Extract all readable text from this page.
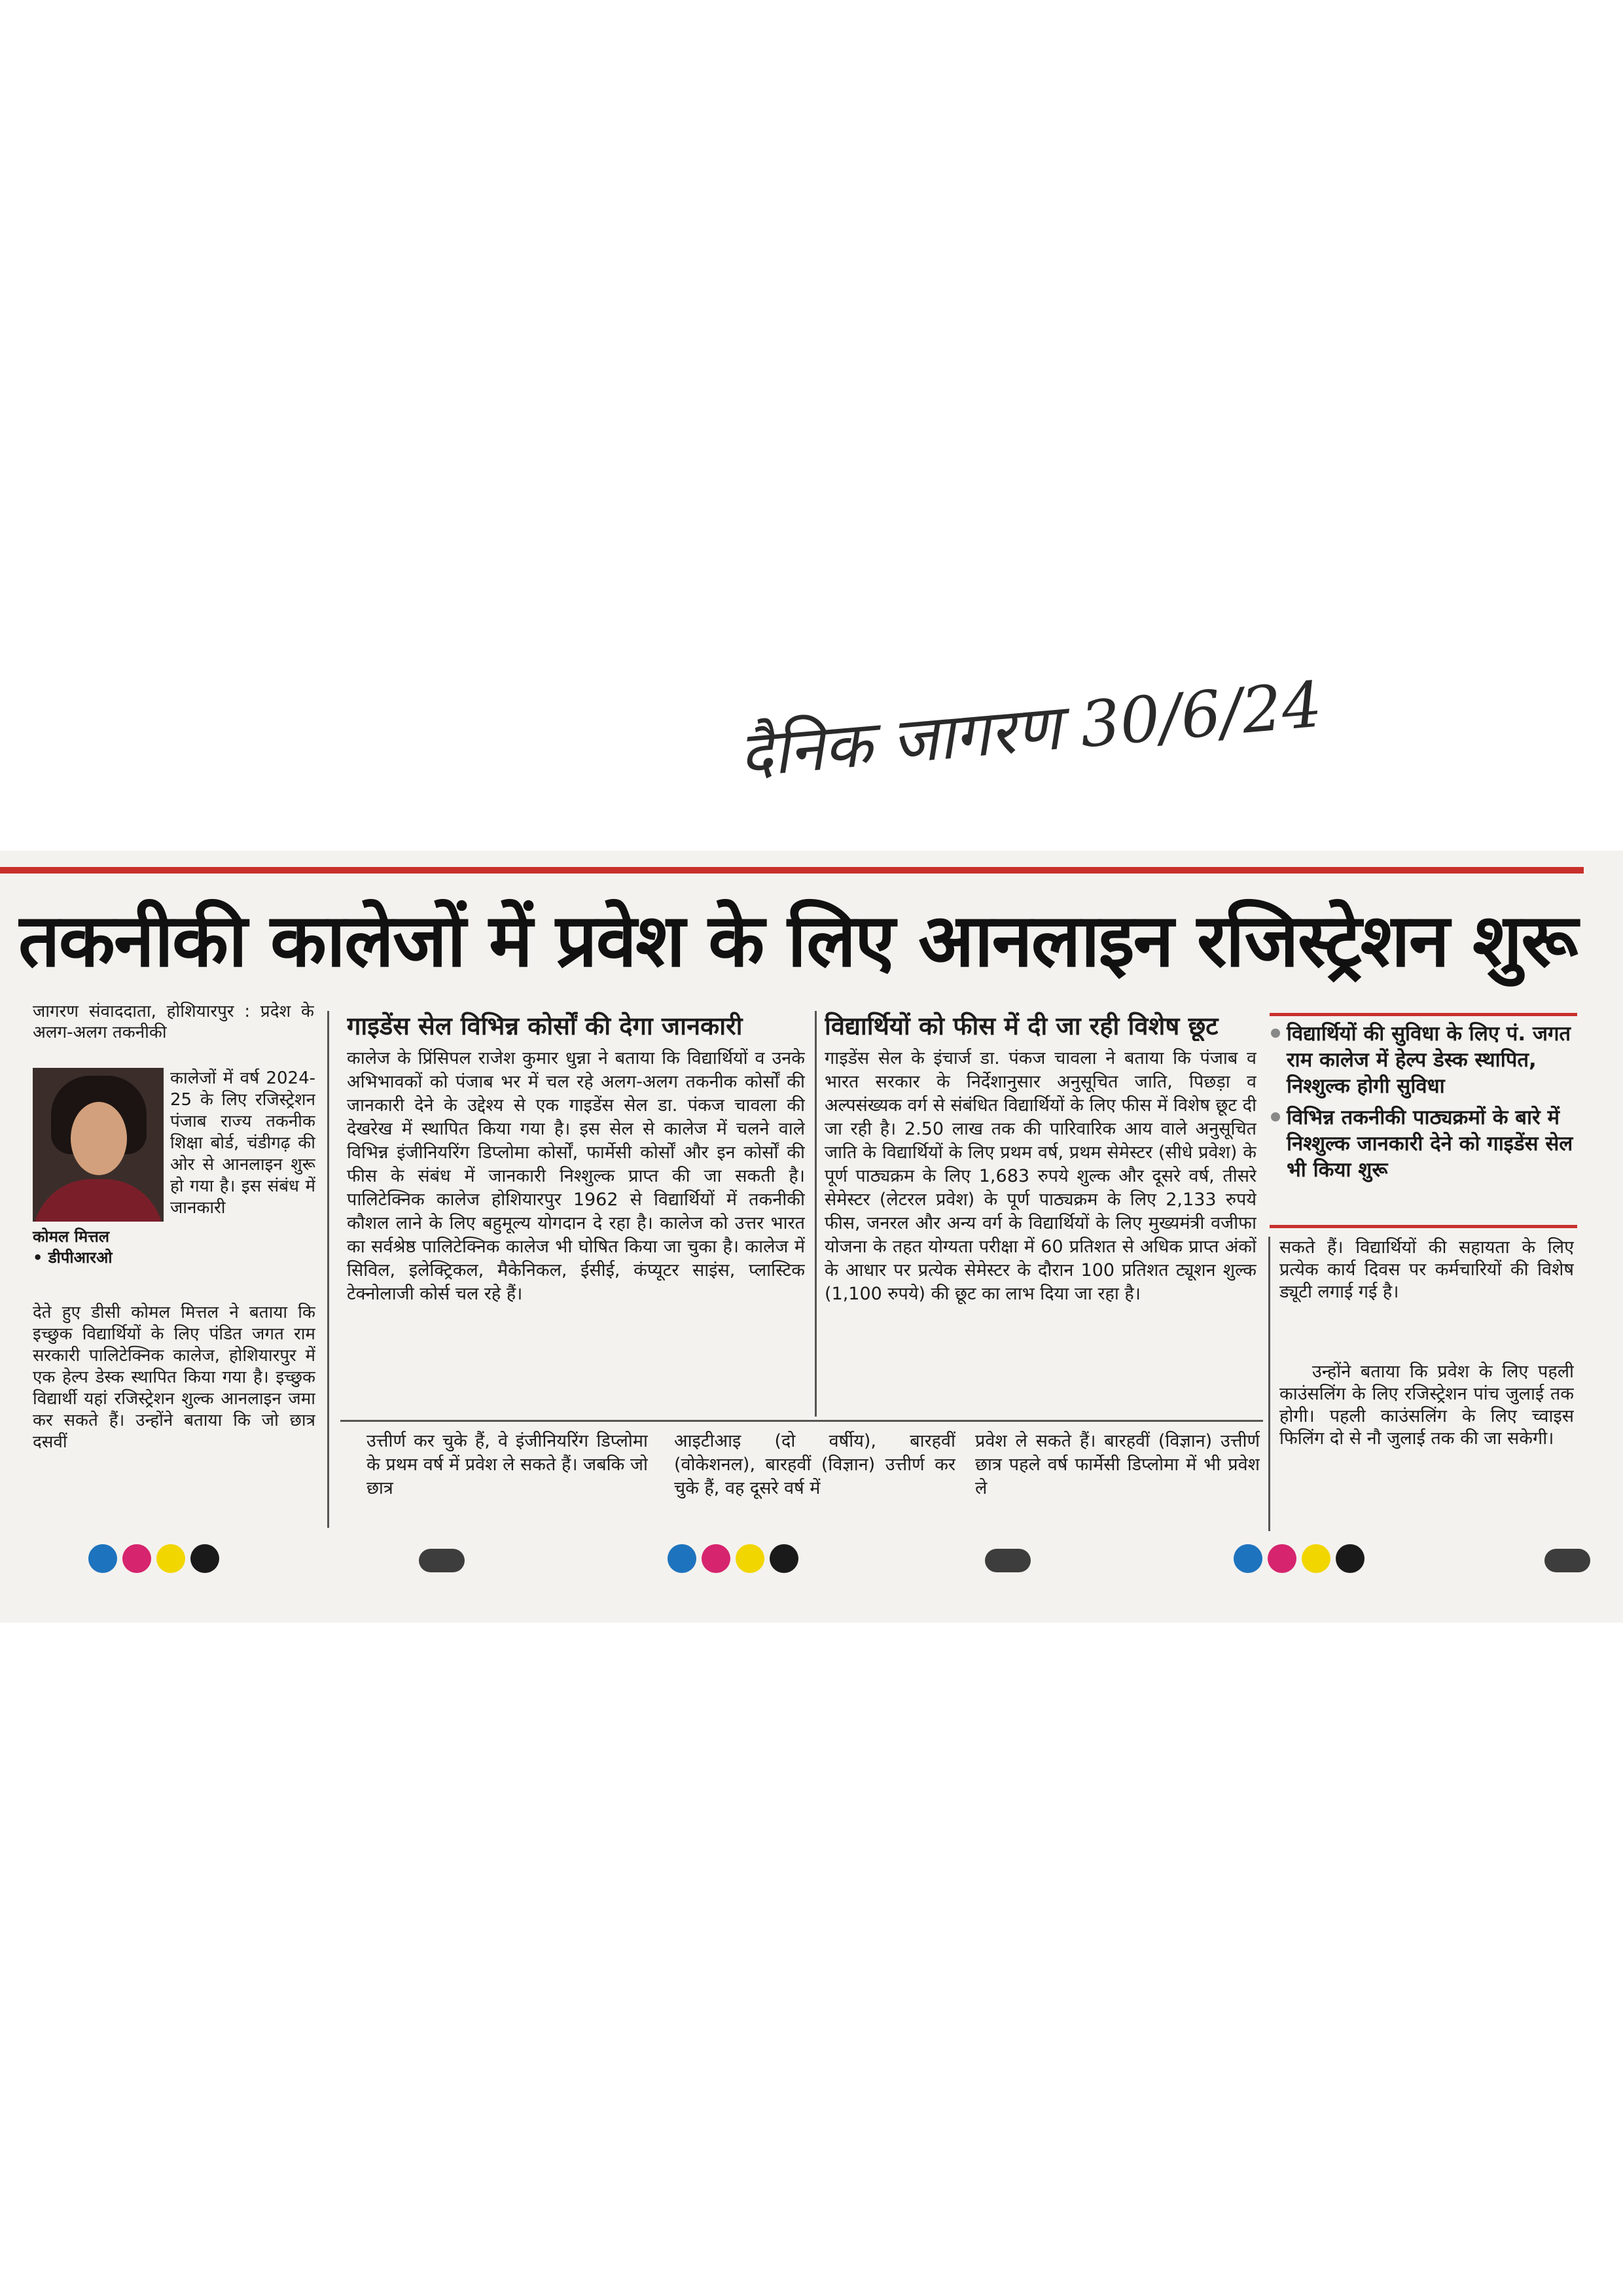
दैनिक जागरण 30/6/24
तकनीकी कालेजों में प्रवेश के लिए आनलाइन रजिस्ट्रेशन शुरू
जागरण संवाददाता, होशियारपुर : प्रदेश के अलग-अलग तकनीकी
कालेजों में वर्ष 2024-25 के लिए रजिस्ट्रेशन पंजाब राज्य तकनीक शिक्षा बोर्ड, चंडीगढ़ की ओर से आनलाइन शुरू हो गया है। इस संबंध में जानकारी
कोमल मित्तल
• डीपीआरओ
देते हुए डीसी कोमल मित्तल ने बताया कि इच्छुक विद्यार्थियों के लिए पंडित जगत राम सरकारी पालिटेक्निक कालेज, होशियारपुर में एक हेल्प डेस्क स्थापित किया गया है। इच्छुक विद्यार्थी यहां रजिस्ट्रेशन शुल्क आनलाइन जमा कर सकते हैं। उन्होंने बताया कि जो छात्र दसवीं
गाइडेंस सेल विभिन्न कोर्सों की देगा जानकारी
कालेज के प्रिंसिपल राजेश कुमार धुन्ना ने बताया कि विद्यार्थियों व उनके अभिभावकों को पंजाब भर में चल रहे अलग-अलग तकनीक कोर्सों की जानकारी देने के उद्देश्य से एक गाइडेंस सेल डा. पंकज चावला की देखरेख में स्थापित किया गया है। इस सेल से कालेज में चलने वाले विभिन्न इंजीनियरिंग डिप्लोमा कोर्सों, फार्मेसी कोर्सों और इन कोर्सों की फीस के संबंध में जानकारी निश्शुल्क प्राप्त की जा सकती है। पालिटेक्निक कालेज होशियारपुर 1962 से विद्यार्थियों में तकनीकी कौशल लाने के लिए बहुमूल्य योगदान दे रहा है। कालेज को उत्तर भारत का सर्वश्रेष्ठ पालिटेक्निक कालेज भी घोषित किया जा चुका है। कालेज में सिविल, इलेक्ट्रिकल, मैकेनिकल, ईसीई, कंप्यूटर साइंस, प्लास्टिक टेक्नोलाजी कोर्स चल रहे हैं।
विद्यार्थियों को फीस में दी जा रही विशेष छूट
गाइडेंस सेल के इंचार्ज डा. पंकज चावला ने बताया कि पंजाब व भारत सरकार के निर्देशानुसार अनुसूचित जाति, पिछड़ा व अल्पसंख्यक वर्ग से संबंधित विद्यार्थियों के लिए फीस में विशेष छूट दी जा रही है। 2.50 लाख तक की पारिवारिक आय वाले अनुसूचित जाति के विद्यार्थियों के लिए प्रथम वर्ष, प्रथम सेमेस्टर (सीधे प्रवेश) के पूर्ण पाठ्यक्रम के लिए 1,683 रुपये शुल्क और दूसरे वर्ष, तीसरे सेमेस्टर (लेटरल प्रवेश) के पूर्ण पाठ्यक्रम के लिए 2,133 रुपये फीस, जनरल और अन्य वर्ग के विद्यार्थियों के लिए मुख्यमंत्री वजीफा योजना के तहत योग्यता परीक्षा में 60 प्रतिशत से अधिक प्राप्त अंकों के आधार पर प्रत्येक सेमेस्टर के दौरान 100 प्रतिशत ट्यूशन शुल्क (1,100 रुपये) की छूट का लाभ दिया जा रहा है।
विद्यार्थियों की सुविधा के लिए पं. जगत राम कालेज में हेल्प डेस्क स्थापित, निश्शुल्क होगी सुविधा
विभिन्न तकनीकी पाठ्यक्रमों के बारे में निश्शुल्क जानकारी देने को गाइडेंस सेल भी किया शुरू
सकते हैं। विद्यार्थियों की सहायता के लिए प्रत्येक कार्य दिवस पर कर्मचारियों की विशेष ड्यूटी लगाई गई है।
उन्होंने बताया कि प्रवेश के लिए पहली काउंसलिंग के लिए रजिस्ट्रेशन पांच जुलाई तक होगी। पहली काउंसलिंग के लिए च्वाइस फिलिंग दो से नौ जुलाई तक की जा सकेगी।
उत्तीर्ण कर चुके हैं, वे इंजीनियरिंग डिप्लोमा के प्रथम वर्ष में प्रवेश ले सकते हैं। जबकि जो छात्र
आइटीआइ (दो वर्षीय), बारहवीं (वोकेशनल), बारहवीं (विज्ञान) उत्तीर्ण कर चुके हैं, वह दूसरे वर्ष में
प्रवेश ले सकते हैं। बारहवीं (विज्ञान) उत्तीर्ण छात्र पहले वर्ष फार्मेसी डिप्लोमा में भी प्रवेश ले
